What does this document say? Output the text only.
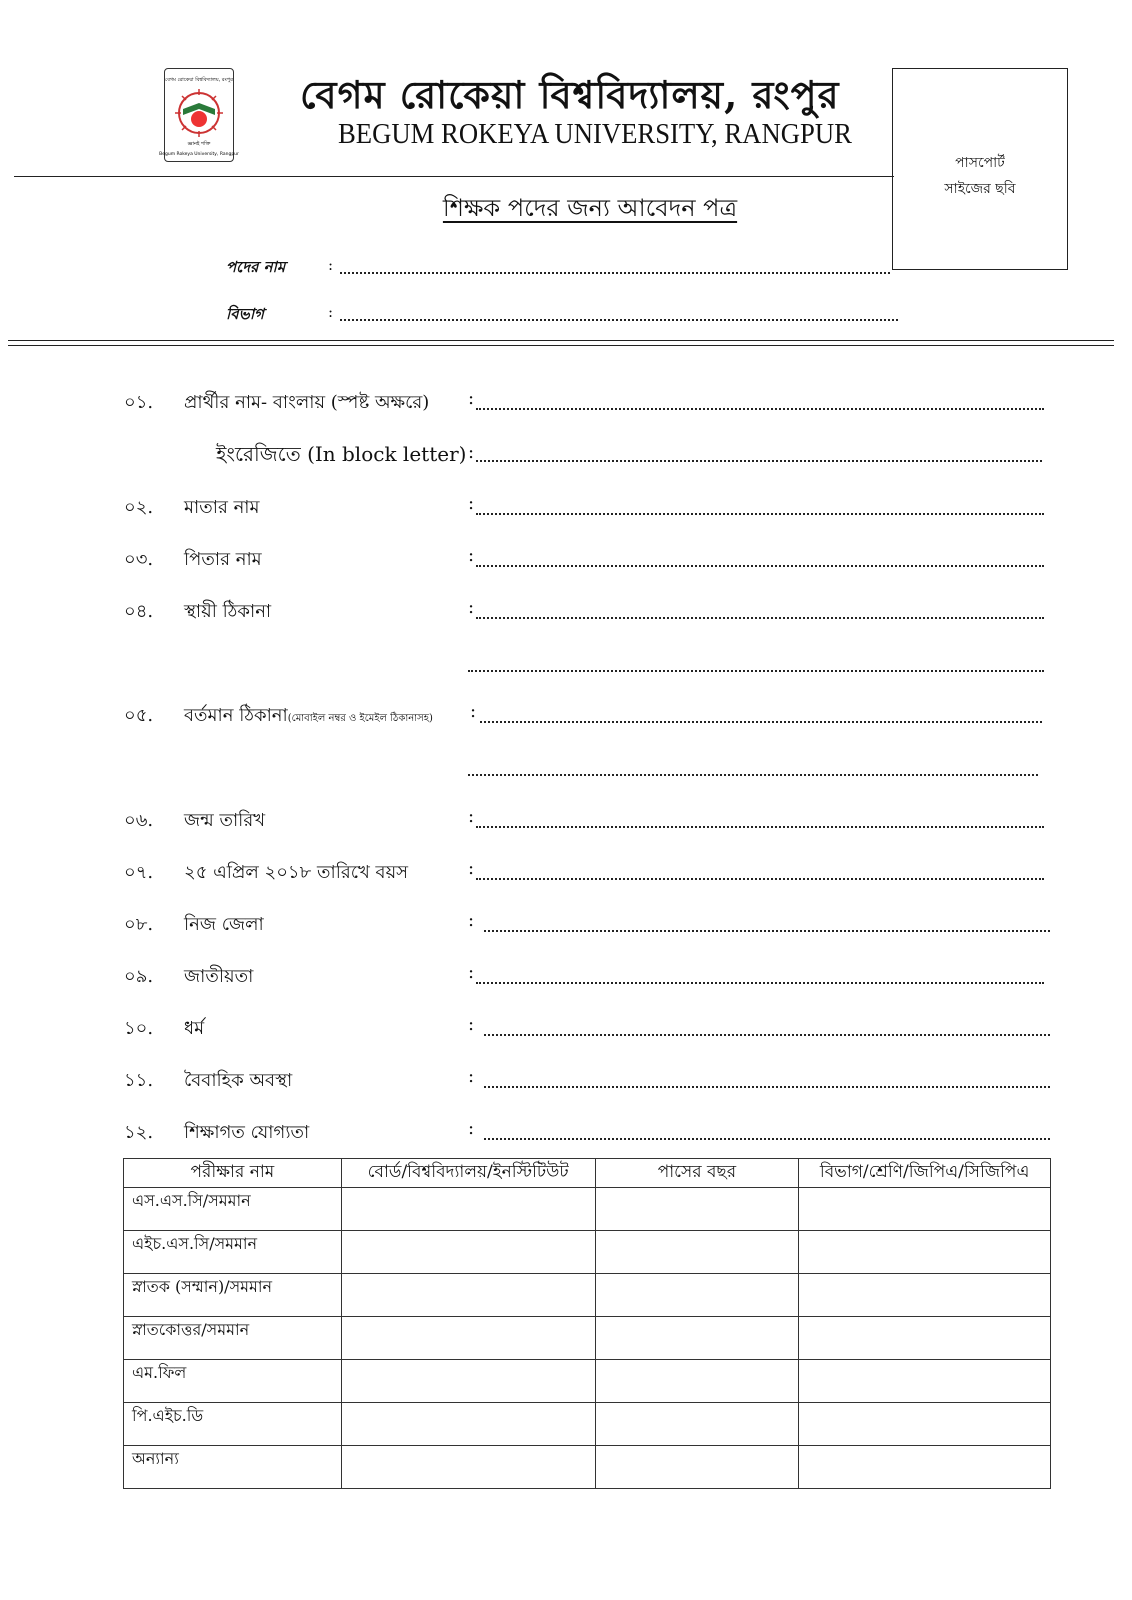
বেগম রোকেয়া বিশ্ববিদ্যালয়, রংপুর
জ্ঞানই শক্তি
Begum Rokeya University, Rangpur
বেগম রোকেয়া বিশ্ববিদ্যালয়, রংপুর
BEGUM ROKEYA UNIVERSITY, RANGPUR
পাসপোর্ট
সাইজের ছবি
শিক্ষক পদের জন্য আবেদন পত্র
পদের নাম	:
বিভাগ	:
০১. প্রার্থীর নাম- বাংলায় (স্পষ্ট অক্ষরে) :
ইংরেজিতে (In block letter) :
০২. মাতার নাম	:
০৩. পিতার নাম	:
০৪. স্থায়ী ঠিকানা	:
০৫. বর্তমান ঠিকানা(মোবাইল নম্বর ও ইমেইল ঠিকানাসহ) :
০৬. জন্ম তারিখ	:
০৭. ২৫ এপ্রিল ২০১৮ তারিখে বয়স	:
০৮. নিজ জেলা	:
০৯. জাতীয়তা	:
১০. ধর্ম	:
১১. বৈবাহিক অবস্থা	:
১২. শিক্ষাগত যোগ্যতা	:
পরীক্ষার নাম	বোর্ড/বিশ্ববিদ্যালয়/ইনস্টিটিউট	পাসের বছর	বিভাগ/শ্রেণি/জিপিএ/সিজিপিএ
এস.এস.সি/সমমান			
এইচ.এস.সি/সমমান			
স্নাতক (সম্মান)/সমমান			
স্নাতকোত্তর/সমমান			
এম.ফিল			
পি.এইচ.ডি			
অন্যান্য			
